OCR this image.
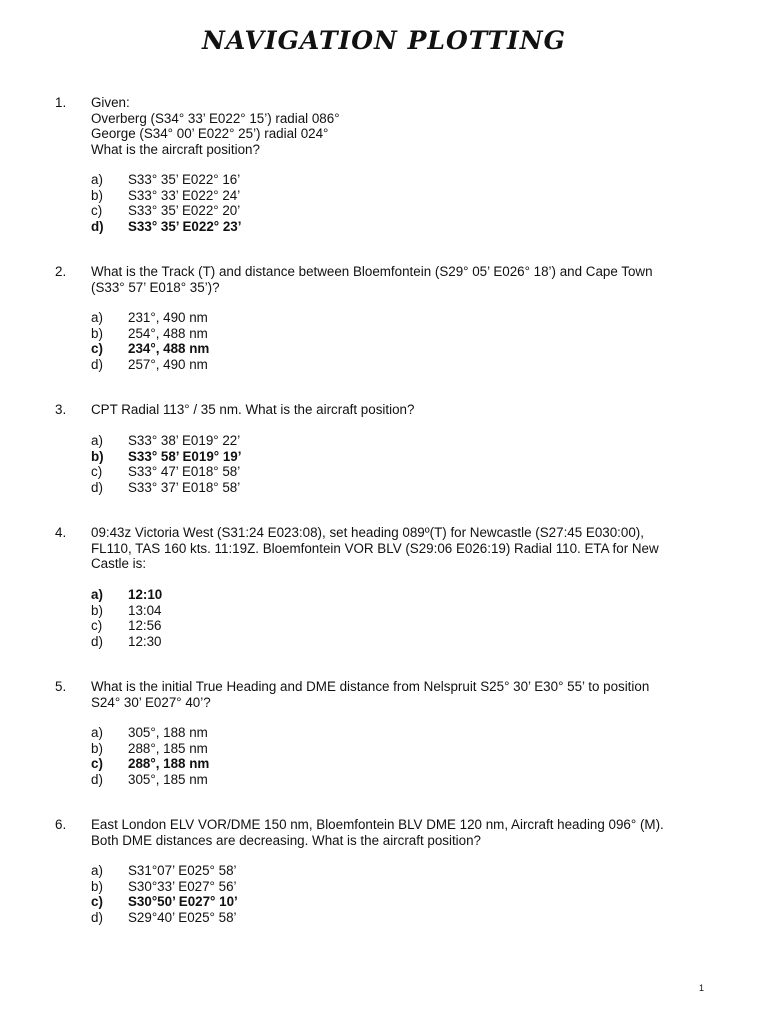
NAVIGATION PLOTTING
1. Given:
Overberg (S34° 33’ E022° 15’) radial 086°
George (S34° 00’ E022° 25’) radial 024°
What is the aircraft position?
a) S33° 35’ E022° 16’
b) S33° 33’ E022° 24’
c) S33° 35’ E022° 20’
d) S33° 35’ E022° 23’
2. What is the Track (T) and distance between Bloemfontein (S29° 05’ E026° 18’) and Cape Town
(S33° 57’ E018° 35’)?
a) 231°, 490 nm
b) 254°, 488 nm
c) 234°, 488 nm
d) 257°, 490 nm
3. CPT Radial 113° / 35 nm. What is the aircraft position?
a) S33° 38’ E019° 22’
b) S33° 58’ E019° 19’
c) S33° 47’ E018° 58’
d) S33° 37’ E018° 58’
4. 09:43z Victoria West (S31:24 E023:08), set heading 089º(T) for Newcastle (S27:45 E030:00),
FL110, TAS 160 kts. 11:19Z. Bloemfontein VOR BLV (S29:06 E026:19) Radial 110. ETA for New
Castle is:
a) 12:10
b) 13:04
c) 12:56
d) 12:30
5. What is the initial True Heading and DME distance from Nelspruit S25° 30’ E30° 55’ to position
S24° 30’ E027° 40’?
a) 305°, 188 nm
b) 288°, 185 nm
c) 288°, 188 nm
d) 305°, 185 nm
6. East London ELV VOR/DME 150 nm, Bloemfontein BLV DME 120 nm, Aircraft heading 096° (M).
Both DME distances are decreasing. What is the aircraft position?
a) S31°07’ E025° 58’
b) S30°33’ E027° 56’
c) S30°50’ E027° 10’
d) S29°40’ E025° 58’
1
